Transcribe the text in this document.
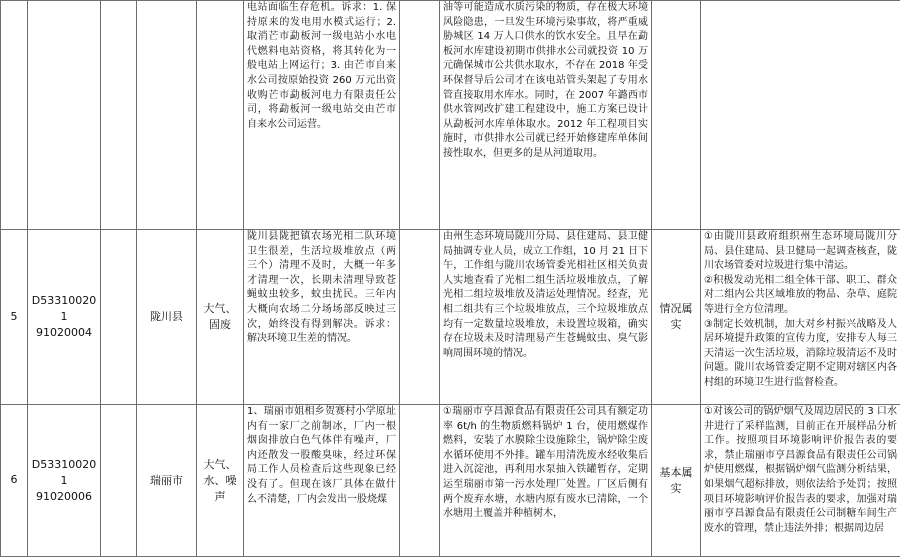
					电站面临生存危机。诉求：1. 保持原来的发电用水模式运行；2. 取消芒市勐板河一级电站小水电代燃料电站资格，将其转化为一般电站上网运行；3. 由芒市自来水公司按原始投资 260 万元出资收购芒市勐板河电力有限责任公司，将勐板河一级电站交由芒市自来水公司运营。		油等可能造成水质污染的物质，存在极大环境风险隐患，一旦发生环境污染事故，将严重威胁城区 14 万人口供水的饮水安全。且早在勐板河水库建设初期市供排水公司就投资 10 万元确保城市公共供水取水，不存在 2018 年受环保督导后公司才在该电站管头架起了专用水管直接取用水库水。同时，在 2007 年潞西市供水管网改扩建工程建设中，施工方案已设计从勐板河水库单体取水。2012 年工程项目实施时，市供排水公司就已经开始修建库单体间接性取水，但更多的是从河道取用。		
5	D533100201
91020004		陇川县	大气、固废	陇川县陇把镇农场光相二队环境卫生很差，生活垃圾堆放点（两三个）清理不及时，大概一年多才清理一次，长期未清理导致苍蝇蚊虫较多，蚊虫扰民。三年内大概向农场二分场场部反映过三次，始终没有得到解决。诉求：解决环境卫生差的情况。		由州生态环境局陇川分局、县住建局、县卫健局抽调专业人员，成立工作组，10 月 21 日下午，工作组与陇川农场管委光相社区相关负责人实地查看了光相二组生活垃圾堆放点，了解光相二组垃圾堆放及清运处理情况。经查，光相二组共有三个垃圾堆放点，三个垃圾堆放点均有一定数量垃圾堆放，未设置垃圾箱，确实存在垃圾未及时清理易产生苍蝇蚊虫、臭气影响周围环境的情况。	情况属实	①由陇川县政府组织州生态环境局陇川分局、县住建局、县卫健局一起调查核查，陇川农场管委对垃圾进行集中清运。
②积极发动光相二组全体干部、职工、群众对二组内公共区域堆放的物品、杂草、庭院等进行全方位清理。
③制定长效机制，加大对乡村振兴战略及人居环境提升政策的宣传力度，安排专人每三天清运一次生活垃圾，消除垃圾清运不及时问题。陇川农场管委定期不定期对辖区内各村组的环境卫生进行监督检查。
6	D533100201
91020006		瑞丽市	大气、水、噪声	1、瑞丽市姐相乡贺赛村小学原址内有一家厂之前制冰，厂内一根烟囱排放白色气体伴有噪声，厂内还散发一股酸臭味，经过环保局工作人员检查后这些现象已经没有了。但现在该厂具体在做什么不清楚，厂内会发出一股烧煤		①瑞丽市亨昌源食品有限责任公司具有额定功率 6t/h 的生物质燃料锅炉 1 台，使用燃煤作燃料，安装了水膜除尘设施除尘，锅炉除尘废水循环使用不外排。罐车用清洗废水经收集后进入沉淀池，再利用水泵抽入铁罐暂存，定期运至瑞丽市第一污水处理厂处置。厂区后侧有两个废弃水塘，水塘内原有废水已清除，一个水塘用土覆盖并种植树木，	基本属实	①对该公司的锅炉烟气及周边居民的 3 口水井进行了采样监测，目前正在开展样品分析工作。按照项目环境影响评价报告表的要求，禁止瑞丽市亨昌源食品有限责任公司锅炉使用燃煤，根据锅炉烟气监测分析结果，如果烟气超标排放，则依法给予处罚；按照项目环境影响评价报告表的要求，加强对瑞丽市亨昌源食品有限责任公司制糖车间生产废水的管理，禁止违法外排；根据周边居
